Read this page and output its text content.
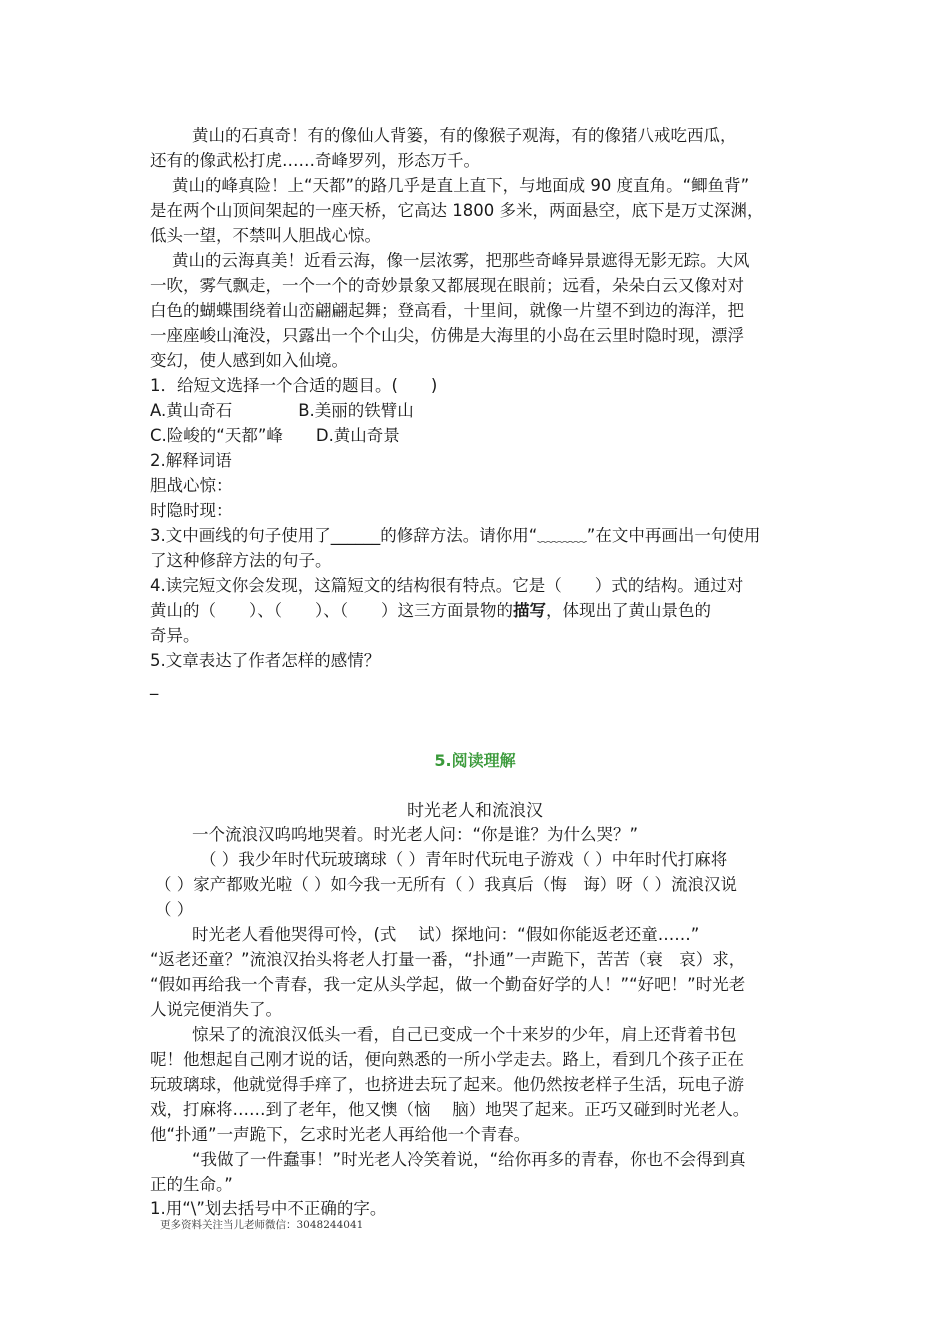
黄山的石真奇！有的像仙人背篓，有的像猴子观海，有的像猪八戒吃西瓜，
还有的像武松打虎……奇峰罗列，形态万千。
黄山的峰真险！上“天都”的路几乎是直上直下，与地面成 90 度直角。“鲫鱼背”
是在两个山顶间架起的一座天桥，它高达 1800 多米，两面悬空，底下是万丈深渊，
低头一望，不禁叫人胆战心惊。
黄山的云海真美！近看云海，像一层浓雾，把那些奇峰异景遮得无影无踪。大风
一吹，雾气飘走，一个一个的奇妙景象又都展现在眼前；远看，朵朵白云又像对对
白色的蝴蝶围绕着山峦翩翩起舞；登高看，十里间，就像一片望不到边的海洋，把
一座座峻山淹没，只露出一个个山尖，仿佛是大海里的小岛在云里时隐时现，漂浮
变幻，使人感到如入仙境。
1．给短文选择一个合适的题目。(　　)
A.黄山奇石　　　　B.美丽的铁臂山
C.险峻的“天都”峰　　D.黄山奇景
2.解释词语
胆战心惊：
时隐时现：
3.文中画线的句子使用了______的修辞方法。请你用“﹏﹏﹏”在文中再画出一句使用
了这种修辞方法的句子。
4.读完短文你会发现，这篇短文的结构很有特点。它是（　　）式的结构。通过对
黄山的（　　）、（　　）、（　　）这三方面景物的描写，体现出了黄山景色的
奇异。
5.文章表达了作者怎样的感情？
_
5.阅读理解
时光老人和流浪汉
一个流浪汉呜呜地哭着。时光老人问：“你是谁？为什么哭？”
（ ）我少年时代玩玻璃球（ ）青年时代玩电子游戏（ ）中年时代打麻将
（ ）家产都败光啦（ ）如今我一无所有（ ）我真后（悔　诲）呀（ ）流浪汉说
（ ）
时光老人看他哭得可怜，(式　 试）探地问：“假如你能返老还童……”
“返老还童？”流浪汉抬头将老人打量一番，“扑通”一声跪下，苦苦（衰　哀）求，
“假如再给我一个青春，我一定从头学起，做一个勤奋好学的人！”“好吧！”时光老
人说完便消失了。
惊呆了的流浪汉低头一看，自己已变成一个十来岁的少年，肩上还背着书包
呢！他想起自己刚才说的话，便向熟悉的一所小学走去。路上，看到几个孩子正在
玩玻璃球，他就觉得手痒了，也挤进去玩了起来。他仍然按老样子生活，玩电子游
戏，打麻将……到了老年，他又懊（恼　 脑）地哭了起来。正巧又碰到时光老人。
他“扑通”一声跪下，乞求时光老人再给他一个青春。
“我做了一件蠢事！”时光老人冷笑着说，“给你再多的青春，你也不会得到真
正的生命。”
1.用“\”划去括号中不正确的字。
更多资料关注当儿老师微信：3048244041
